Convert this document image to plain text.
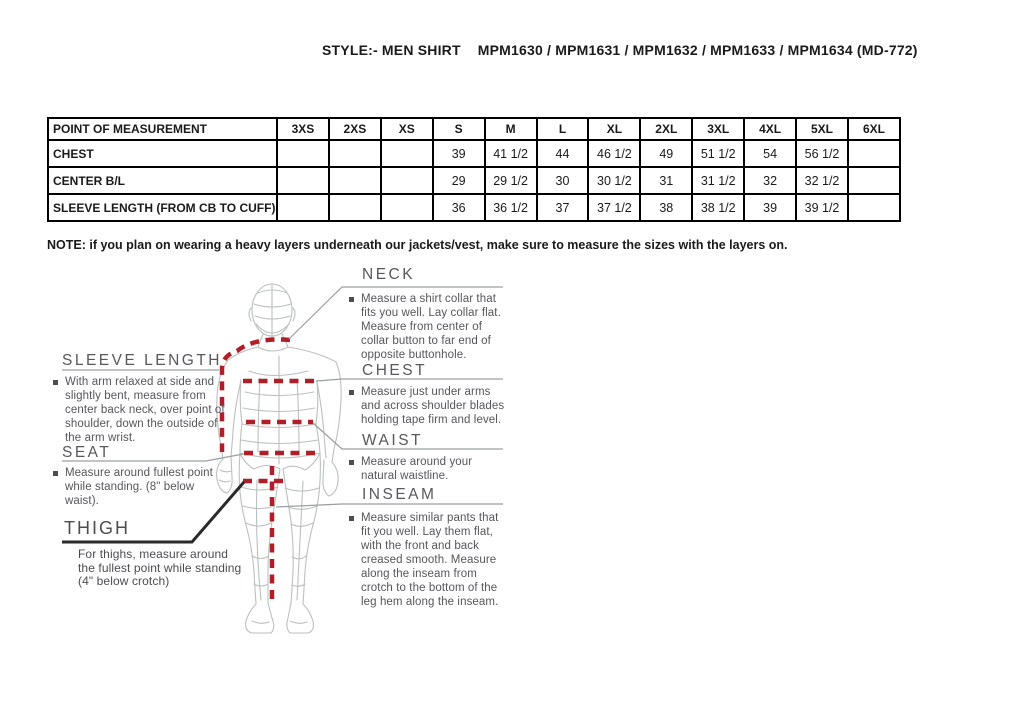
STYLE:- MEN SHIRT MPM1630 / MPM1631 / MPM1632 / MPM1633 / MPM1634 (MD-772)
POINT OF MEASUREMENT	3XS	2XS	XS	S	M	L	XL	2XL	3XL	4XL	5XL	6XL
CHEST				39	41 1/2	44	46 1/2	49	51 1/2	54	56 1/2	
CENTER B/L				29	29 1/2	30	30 1/2	31	31 1/2	32	32 1/2	
SLEEVE LENGTH (FROM CB TO CUFF)				36	36 1/2	37	37 1/2	38	38 1/2	39	39 1/2	
NOTE: if you plan on wearing a heavy layers underneath our jackets/vest, make sure to measure the sizes with the layers on.
NECK
Measure a shirt collar that fits you well. Lay collar flat. Measure from center of collar button to far end of opposite buttonhole.
CHEST
Measure just under arms and across shoulder blades holding tape firm and level.
WAIST
Measure around your natural waistline.
INSEAM
Measure similar pants that fit you well. Lay them flat, with the front and back creased smooth. Measure along the inseam from crotch to the bottom of the leg hem along the inseam.
SLEEVE LENGTH
With arm relaxed at side and slightly bent, measure from center back neck, over point of shoulder, down the outside of the arm wrist.
SEAT
Measure around fullest point while standing. (8" below waist).
THIGH
For thighs, measure around the fullest point while standing (4" below crotch)
